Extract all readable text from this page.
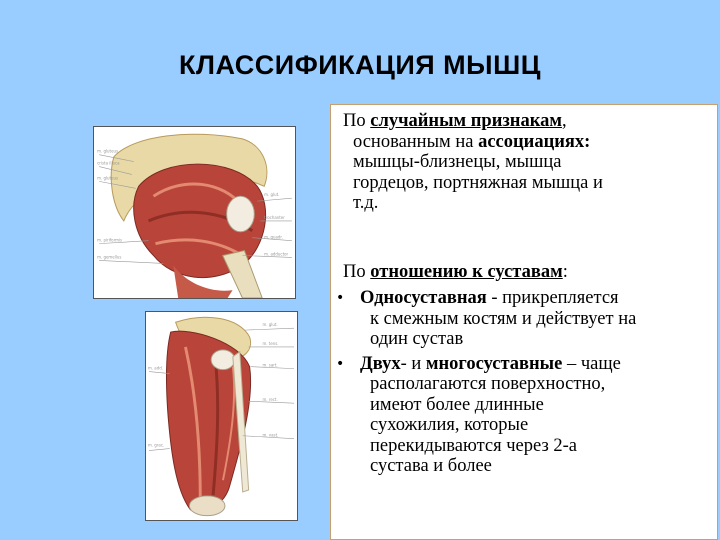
КЛАССИФИКАЦИЯ МЫШЦ
m. gluteus
crista iliaca
m. gluteus
m. piriformis
m. gemellus
m. glut.
trochanter
m. quadr.
m. adductor
m. glut.
m. tens.
m. sart.
m. rect.
m. vast.
m. add.
m. grac.
По случайным признакам,
основанным на ассоциациях:
мышцы-близнецы, мышца
гордецов, портняжная мышца и
т.д.
По отношению к суставам:
• Односуставная - прикрепляется
к смежным костям и действует на
один сустав
• Двух- и многосуставные – чаще
располагаются поверхностно,
имеют более длинные
сухожилия, которые
перекидываются через 2-а
сустава и более
